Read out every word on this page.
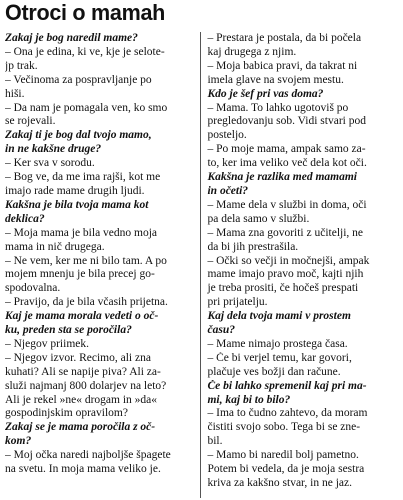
Otroci o mamah
Zakaj je bog naredil mame?
– Ona je edina, ki ve, kje je selote-
jp trak.
– Večinoma za pospravljanje po
hiši.
– Da nam je pomagala ven, ko smo
se rojevali.
Zakaj ti je bog dal tvojo mamo,
in ne kakšne druge?
– Ker sva v sorodu.
– Bog ve, da me ima rajši, kot me
imajo rade mame drugih ljudi.
Kakšna je bila tvoja mama kot
deklica?
– Moja mama je bila vedno moja
mama in nič drugega.
– Ne vem, ker me ni bilo tam. A po
mojem mnenju je bila precej go-
spodovalna.
– Pravijo, da je bila včasih prijetna.
Kaj je mama morala vedeti o oč-
ku, preden sta se poročila?
– Njegov priimek.
– Njegov izvor. Recimo, ali zna
kuhati? Ali se napije piva? Ali za-
služi najmanj 800 dolarjev na leto?
Ali je rekel »ne« drogam in »da«
gospodinjskim opravilom?
Zakaj se je mama poročila z oč-
kom?
– Moj očka naredi najboljše špagete
na svetu. In moja mama veliko je.
– Prestara je postala, da bi počela
kaj drugega z njim.
– Moja babica pravi, da takrat ni
imela glave na svojem mestu.
Kdo je šef pri vas doma?
– Mama. To lahko ugotoviš po
pregledovanju sob. Vidi stvari pod
posteljo.
– Po moje mama, ampak samo za-
to, ker ima veliko več dela kot oči.
Kakšna je razlika med mamami
in očeti?
– Mame dela v službi in doma, oči
pa dela samo v službi.
– Mama zna govoriti z učitelji, ne
da bi jih prestrašila.
– Očki so večji in močnejši, ampak
mame imajo pravo moč, kajti njih
je treba prositi, če hočeš prespati
pri prijatelju.
Kaj dela tvoja mami v prostem
času?
– Mame nimajo prostega časa.
– Če bi verjel temu, kar govori,
plačuje ves božji dan račune.
Če bi lahko spremenil kaj pri ma-
mi, kaj bi to bilo?
– Ima to čudno zahtevo, da moram
čistiti svojo sobo. Tega bi se zne-
bil.
– Mamo bi naredil bolj pametno.
Potem bi vedela, da je moja sestra
kriva za kakšno stvar, in ne jaz.
